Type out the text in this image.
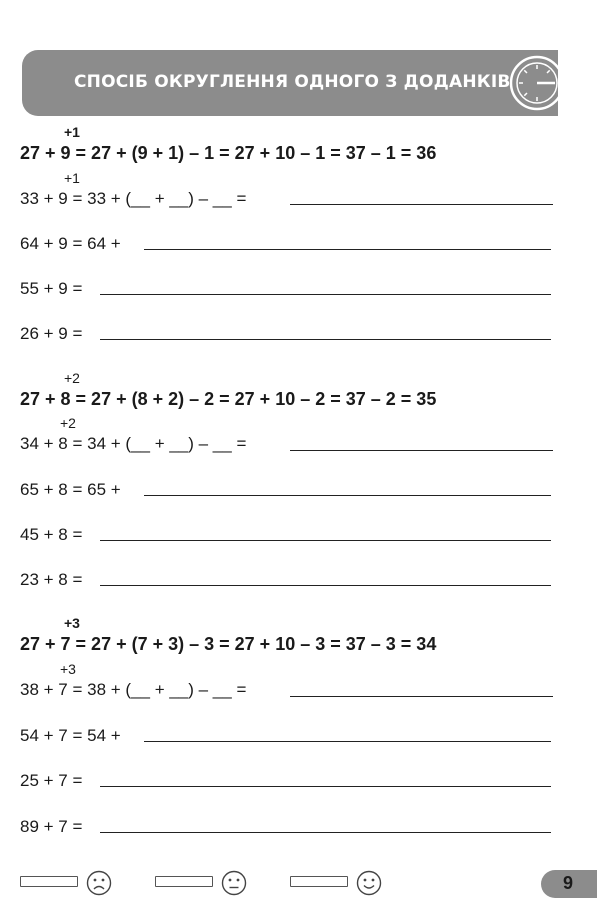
СПОСІБ ОКРУГЛЕННЯ ОДНОГО З ДОДАНКІВ
+1
27 + 9 = 27 + (9 + 1) – 1 = 27 + 10 – 1 = 37 – 1 = 36
+1
33 + 9 = 33 + (__ + __) – __ =
64 + 9 = 64 +
55 + 9 =
26 + 9 =
+2
27 + 8 = 27 + (8 + 2) – 2 = 27 + 10 – 2 = 37 – 2 = 35
+2
34 + 8 = 34 + (__ + __) – __ =
65 + 8 = 65 +
45 + 8 =
23 + 8 =
+3
27 + 7 = 27 + (7 + 3) – 3 = 27 + 10 – 3 = 37 – 3 = 34
+3
38 + 7 = 38 + (__ + __) – __ =
54 + 7 = 54 +
25 + 7 =
89 + 7 =
9
